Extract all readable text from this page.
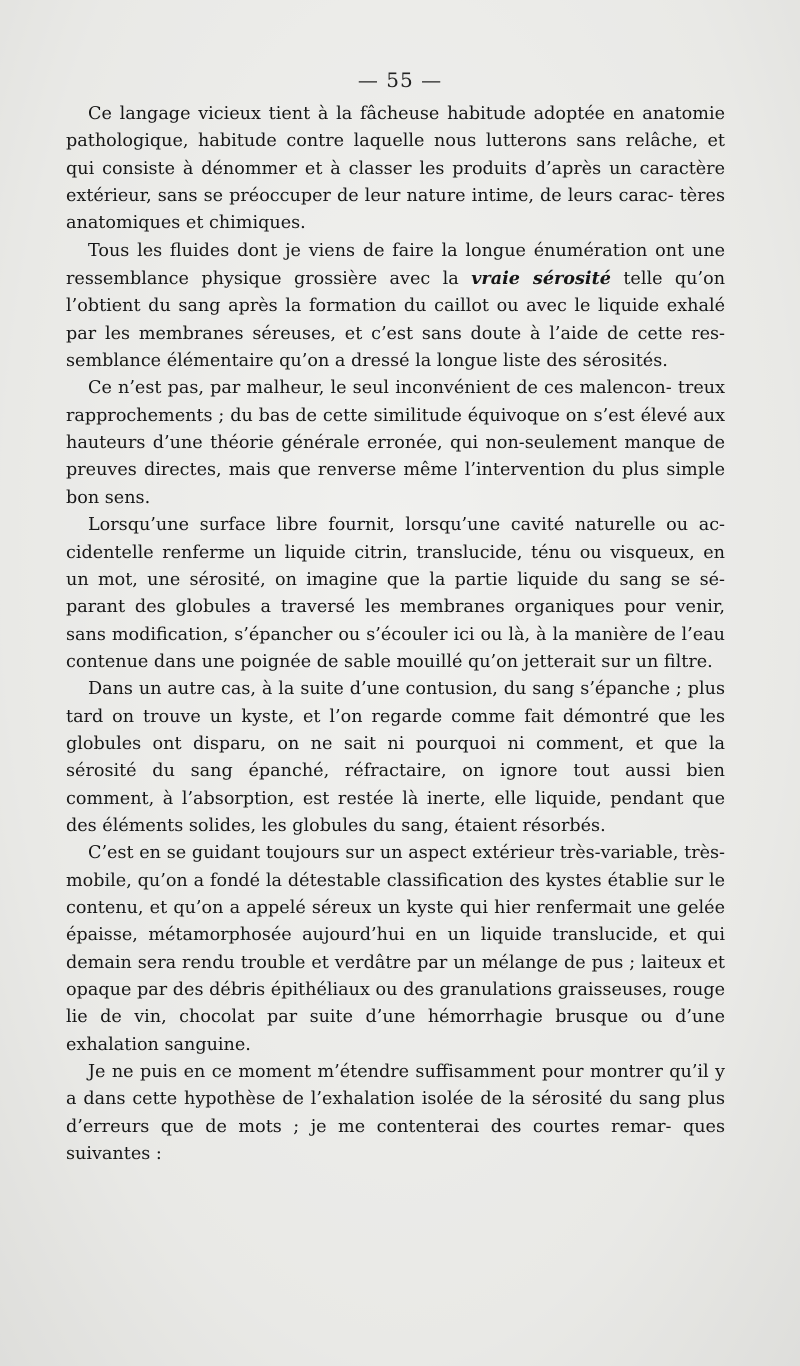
— 55 —

Ce langage vicieux tient à la fâcheuse habitude adoptée en anatomie pathologique, habitude contre laquelle nous lutterons sans relâche, et qui consiste à dénommer et à classer les produits d’après un caractère extérieur, sans se préoccuper de leur nature intime, de leurs carac- tères anatomiques et chimiques.

Tous les fluides dont je viens de faire la longue énumération ont une ressemblance physique grossière avec la vraie sérosité telle qu’on l’obtient du sang après la formation du caillot ou avec le liquide exhalé par les membranes séreuses, et c’est sans doute à l’aide de cette res- semblance élémentaire qu’on a dressé la longue liste des sérosités.

Ce n’est pas, par malheur, le seul inconvénient de ces malencon- treux rapprochements ; du bas de cette similitude équivoque on s’est élevé aux hauteurs d’une théorie générale erronée, qui non-seulement manque de preuves directes, mais que renverse même l’intervention du plus simple bon sens.

Lorsqu’une surface libre fournit, lorsqu’une cavité naturelle ou ac- cidentelle renferme un liquide citrin, translucide, ténu ou visqueux, en un mot, une sérosité, on imagine que la partie liquide du sang se sé- parant des globules a traversé les membranes organiques pour venir, sans modification, s’épancher ou s’écouler ici ou là, à la manière de l’eau contenue dans une poignée de sable mouillé qu’on jetterait sur un filtre.

Dans un autre cas, à la suite d’une contusion, du sang s’épanche ; plus tard on trouve un kyste, et l’on regarde comme fait démontré que les globules ont disparu, on ne sait ni pourquoi ni comment, et que la sérosité du sang épanché, réfractaire, on ignore tout aussi bien comment, à l’absorption, est restée là inerte, elle liquide, pendant que des éléments solides, les globules du sang, étaient résorbés.

C’est en se guidant toujours sur un aspect extérieur très-variable, très-mobile, qu’on a fondé la détestable classification des kystes établie sur le contenu, et qu’on a appelé séreux un kyste qui hier renfermait une gelée épaisse, métamorphosée aujourd’hui en un liquide translucide, et qui demain sera rendu trouble et verdâtre par un mélange de pus ; laiteux et opaque par des débris épithéliaux ou des granulations graisseuses, rouge lie de vin, chocolat par suite d’une hémorrhagie brusque ou d’une exhalation sanguine.

Je ne puis en ce moment m’étendre suffisamment pour montrer qu’il y a dans cette hypothèse de l’exhalation isolée de la sérosité du sang plus d’erreurs que de mots ; je me contenterai des courtes remar- ques suivantes :
